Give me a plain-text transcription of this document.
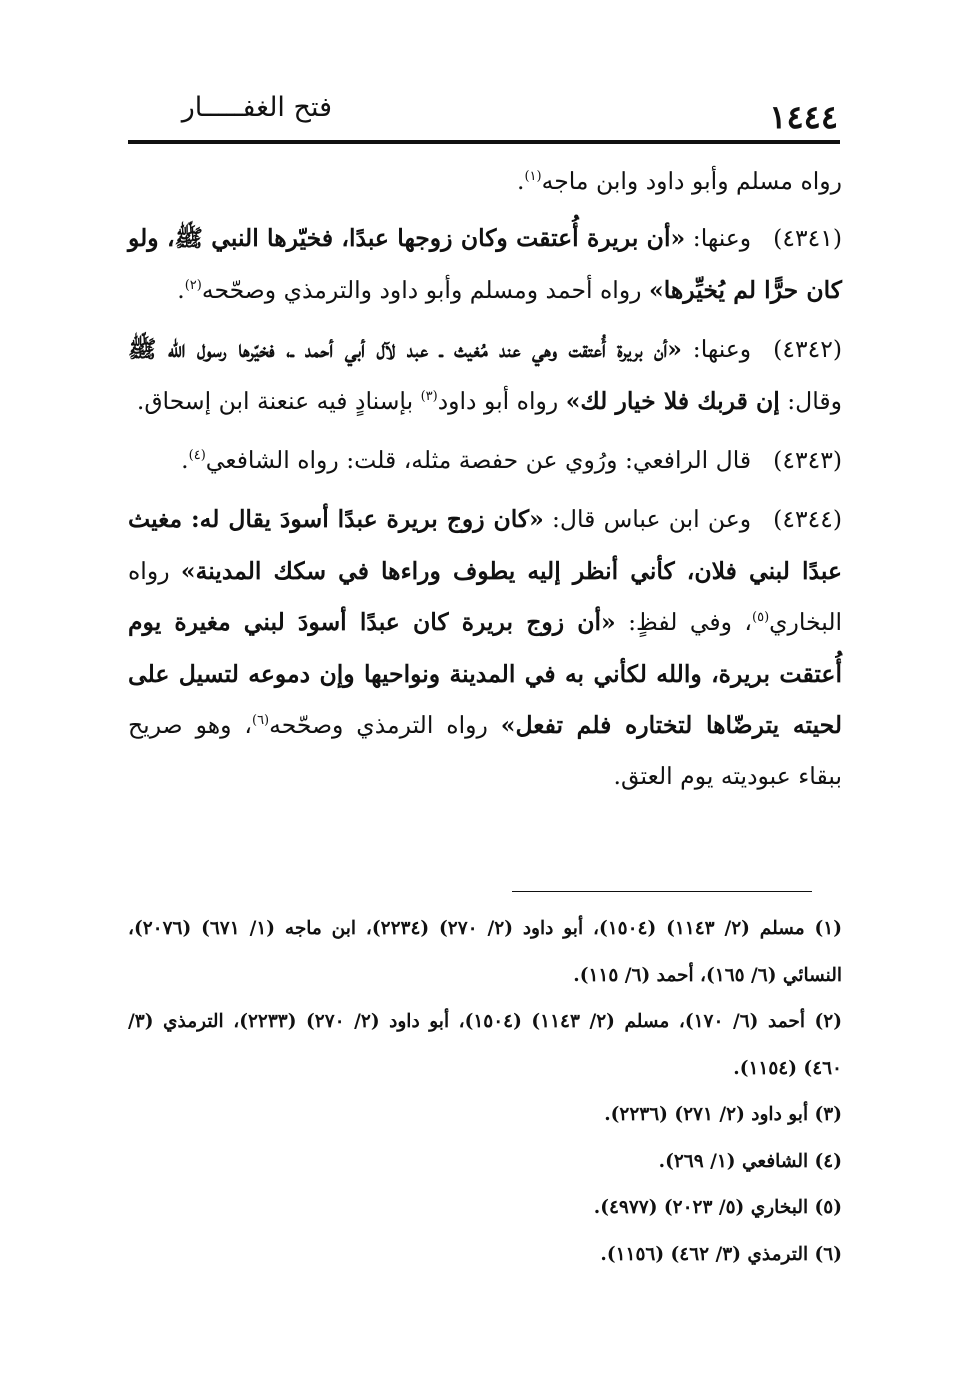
١٤٤٤
فتح الغفـــــار

رواه مسلم وأبو داود وابن ماجه$^{(١)}$.

(٤٣٤١)وعنها: «أن بريرة أُعتقت وكان زوجها عبدًا، فخيّرها النبي ﷺ، ولو كان حرًّا لم يُخيِّرها» رواه أحمد ومسلم وأبو داود والترمذي وصحّحه$^{(٢)}$.

(٤٣٤٢)وعنها: «أن بريرة أُعتقت وهي عند مُغيث ـ عبد لآل أبي أحمد ـ، فخيّرها رسول الله ﷺ وقال: إن قربك فلا خيار لك» رواه أبو داود$^{(٣)}$ بإسنادٍ فيه عنعنة ابن إسحاق.

(٤٣٤٣)قال الرافعي: ورُوي عن حفصة مثله، قلت: رواه الشافعي$^{(٤)}$.

(٤٣٤٤)وعن ابن عباس قال: «كان زوج بريرة عبدًا أسودَ يقال له: مغيث عبدًا لبني فلان، كأني أنظر إليه يطوف وراءها في سكك المدينة» رواه البخاري$^{(٥)}$، وفي لفظٍ: «أن زوج بريرة كان عبدًا أسودَ لبني مغيرة يوم أُعتقت بريرة، والله لكأني به في المدينة ونواحيها وإن دموعه لتسيل على لحيته يترضّاها لتختاره فلم تفعل» رواه الترمذي وصحّحه$^{(٦)}$، وهو صريح ببقاء عبوديته يوم العتق.

(١) مسلم (٢/ ١١٤٣) (١٥٠٤)، أبو داود (٢/ ٢٧٠) (٢٢٣٤)، ابن ماجه (١/ ٦٧١) (٢٠٧٦)، النسائي (٦/ ١٦٥)، أحمد (٦/ ١١٥).

(٢) أحمد (٦/ ١٧٠)، مسلم (٢/ ١١٤٣) (١٥٠٤)، أبو داود (٢/ ٢٧٠) (٢٢٣٣)، الترمذي (٣/ ٤٦٠) (١١٥٤).

(٣) أبو داود (٢/ ٢٧١) (٢٢٣٦).

(٤) الشافعي (١/ ٢٦٩).

(٥) البخاري (٥/ ٢٠٢٣) (٤٩٧٧).

(٦) الترمذي (٣/ ٤٦٢) (١١٥٦).
